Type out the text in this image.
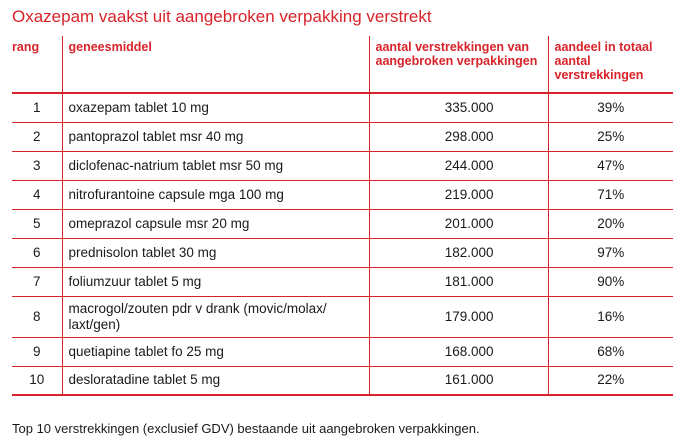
Oxazepam vaakst uit aangebroken verpakking verstrekt
rang	geneesmiddel	aantal verstrekkingen van aangebroken verpakkingen	aandeel in totaal aantal verstrekkingen
1	oxazepam tablet 10 mg	335.000	39%
2	pantoprazol tablet msr 40 mg	298.000	25%
3	diclofenac-natrium tablet msr 50 mg	244.000	47%
4	nitrofurantoine capsule mga 100 mg	219.000	71%
5	omeprazol capsule msr 20 mg	201.000	20%
6	prednisolon tablet 30 mg	182.000	97%
7	foliumzuur tablet 5 mg	181.000	90%
8	macrogol/zouten pdr v drank (movic/molax/ laxt/gen)	179.000	16%
9	quetiapine tablet fo 25 mg	168.000	68%
10	desloratadine tablet 5 mg	161.000	22%
Top 10 verstrekkingen (exclusief GDV) bestaande uit aangebroken verpakkingen.
